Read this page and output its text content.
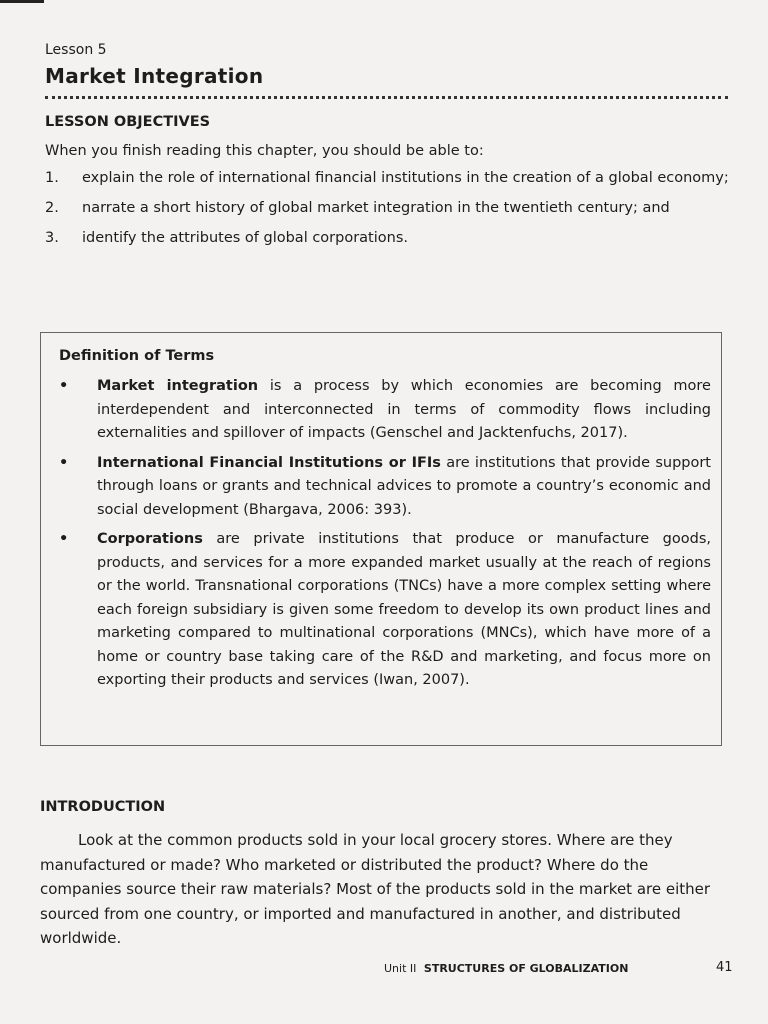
Lesson 5
Market Integration
LESSON OBJECTIVES
When you finish reading this chapter, you should be able to:
1. explain the role of international financial institutions in the creation of a global economy;
2. narrate a short history of global market integration in the twentieth century; and
3. identify the attributes of global corporations.
Definition of Terms
• Market integration is a process by which economies are becoming more interdependent and interconnected in terms of commodity flows including externalities and spillover of impacts (Genschel and Jacktenfuchs, 2017).
• International Financial Institutions or IFIs are institutions that provide support through loans or grants and technical advices to promote a country’s economic and social development (Bhargava, 2006: 393).
• Corporations are private institutions that produce or manufacture goods, products, and services for a more expanded market usually at the reach of regions or the world. Transnational corporations (TNCs) have a more complex setting where each foreign subsidiary is given some freedom to develop its own product lines and marketing compared to multinational corporations (MNCs), which have more of a home or country base taking care of the R&D and marketing, and focus more on exporting their products and services (Iwan, 2007).
INTRODUCTION

Look at the common products sold in your local grocery stores. Where are they manufactured or made? Who marketed or distributed the product? Where do the companies source their raw materials? Most of the products sold in the market are either sourced from one country, or imported and manufactured in another, and distributed worldwide.

Unit II STRUCTURES OF GLOBALIZATION	41
